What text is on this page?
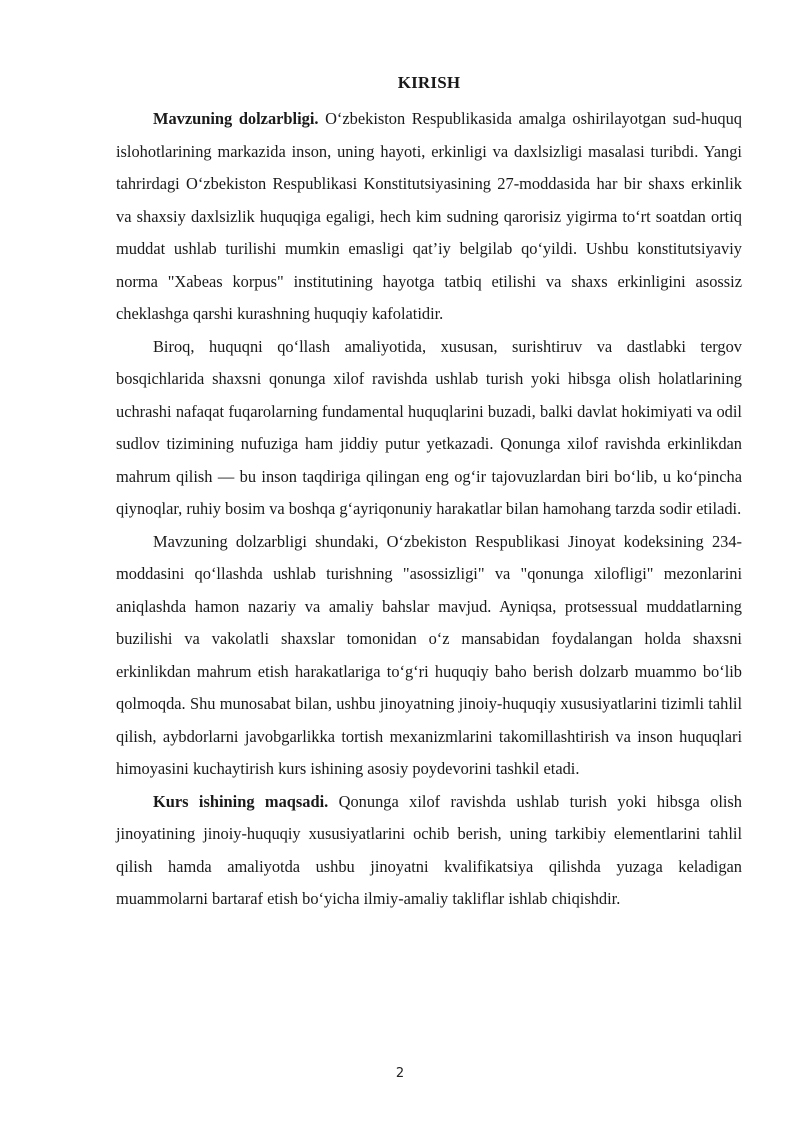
KIRISH

Mavzuning dolzarbligi. O‘zbekiston Respublikasida amalga oshirilayotgan sud-huquq islohotlarining markazida inson, uning hayoti, erkinligi va daxlsizligi masalasi turibdi. Yangi tahrirdagi O‘zbekiston Respublikasi Konstitutsiyasining 27-moddasida har bir shaxs erkinlik va shaxsiy daxlsizlik huquqiga egaligi, hech kim sudning qarorisiz yigirma to‘rt soatdan ortiq muddat ushlab turilishi mumkin emasligi qat’iy belgilab qo‘yildi. Ushbu konstitutsiyaviy norma "Xabeas korpus" institutining hayotga tatbiq etilishi va shaxs erkinligini asossiz cheklashga qarshi kurashning huquqiy kafolatidir.

Biroq, huquqni qo‘llash amaliyotida, xususan, surishtiruv va dastlabki tergov bosqichlarida shaxsni qonunga xilof ravishda ushlab turish yoki hibsga olish holatlarining uchrashi nafaqat fuqarolarning fundamental huquqlarini buzadi, balki davlat hokimiyati va odil sudlov tizimining nufuziga ham jiddiy putur yetkazadi. Qonunga xilof ravishda erkinlikdan mahrum qilish — bu inson taqdiriga qilingan eng og‘ir tajovuzlardan biri bo‘lib, u ko‘pincha qiynoqlar, ruhiy bosim va boshqa g‘ayriqonuniy harakatlar bilan hamohang tarzda sodir etiladi.

Mavzuning dolzarbligi shundaki, O‘zbekiston Respublikasi Jinoyat kodeksining 234-moddasini qo‘llashda ushlab turishning "asossizligi" va "qonunga xilofligi" mezonlarini aniqlashda hamon nazariy va amaliy bahslar mavjud. Ayniqsa, protsessual muddatlarning buzilishi va vakolatli shaxslar tomonidan o‘z mansabidan foydalangan holda shaxsni erkinlikdan mahrum etish harakatlariga to‘g‘ri huquqiy baho berish dolzarb muammo bo‘lib qolmoqda. Shu munosabat bilan, ushbu jinoyatning jinoiy-huquqiy xususiyatlarini tizimli tahlil qilish, aybdorlarni javobgarlikka tortish mexanizmlarini takomillashtirish va inson huquqlari himoyasini kuchaytirish kurs ishining asosiy poydevorini tashkil etadi.

Kurs ishining maqsadi. Qonunga xilof ravishda ushlab turish yoki hibsga olish jinoyatining jinoiy-huquqiy xususiyatlarini ochib berish, uning tarkibiy elementlarini tahlil qilish hamda amaliyotda ushbu jinoyatni kvalifikatsiya qilishda yuzaga keladigan muammolarni bartaraf etish bo‘yicha ilmiy-amaliy takliflar ishlab chiqishdir.

2
